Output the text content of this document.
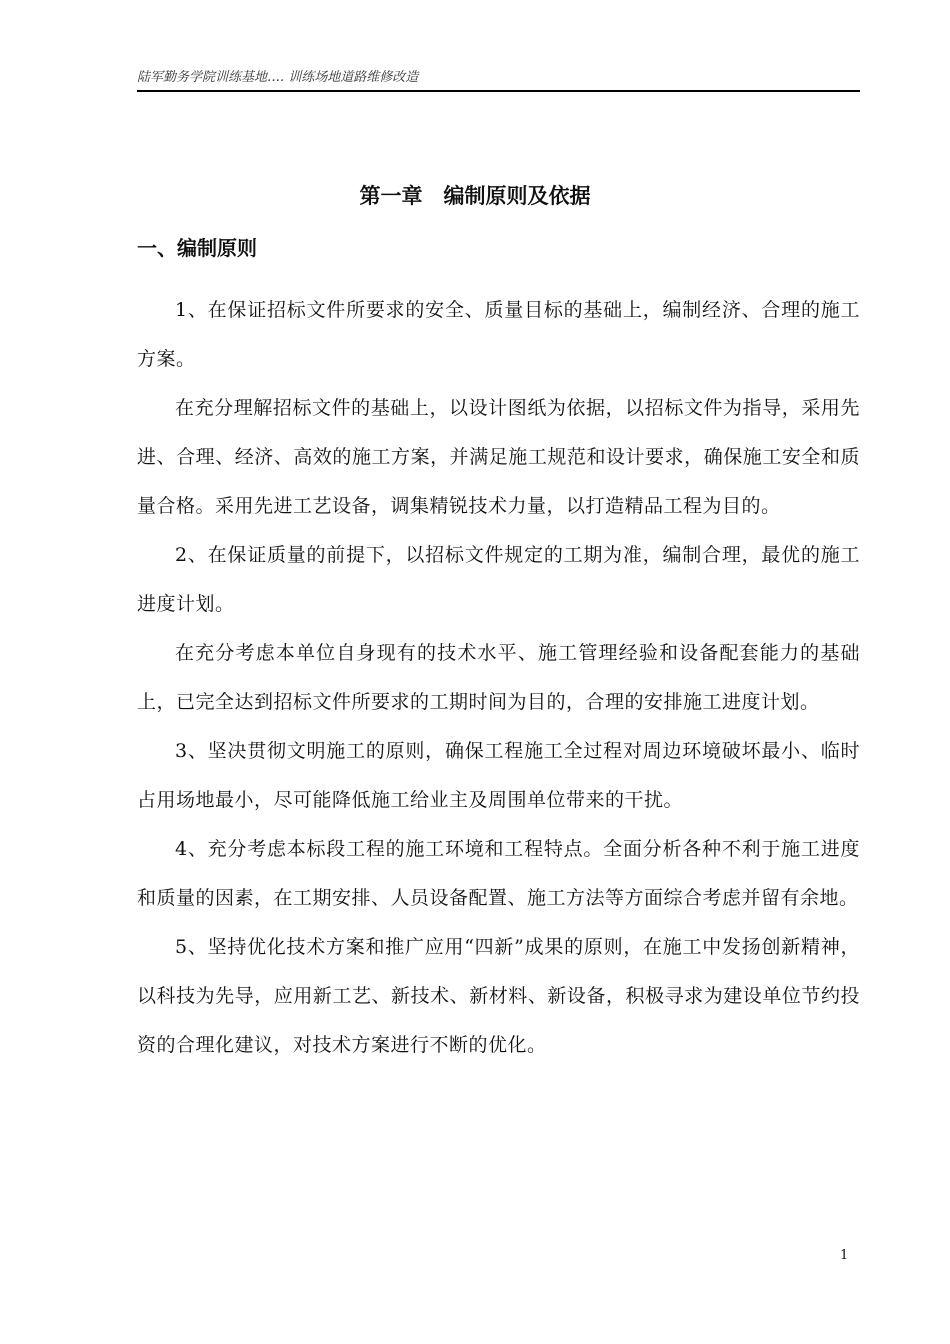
陆军勤务学院训练基地…. 训练场地道路维修改造
第一章　编制原则及依据
一、编制原则

1、在保证招标文件所要求的安全、质量目标的基础上，编制经济、合理的施工方案。

在充分理解招标文件的基础上，以设计图纸为依据，以招标文件为指导，采用先进、合理、经济、高效的施工方案，并满足施工规范和设计要求，确保施工安全和质量合格。采用先进工艺设备，调集精锐技术力量，以打造精品工程为目的。

2、在保证质量的前提下，以招标文件规定的工期为准，编制合理，最优的施工进度计划。

在充分考虑本单位自身现有的技术水平、施工管理经验和设备配套能力的基础上，已完全达到招标文件所要求的工期时间为目的，合理的安排施工进度计划。

3、坚决贯彻文明施工的原则，确保工程施工全过程对周边环境破坏最小、临时占用场地最小，尽可能降低施工给业主及周围单位带来的干扰。

4、充分考虑本标段工程的施工环境和工程特点。全面分析各种不利于施工进度和质量的因素，在工期安排、人员设备配置、施工方法等方面综合考虑并留有余地。

5、坚持优化技术方案和推广应用“四新”成果的原则，在施工中发扬创新精神，以科技为先导，应用新工艺、新技术、新材料、新设备，积极寻求为建设单位节约投资的合理化建议，对技术方案进行不断的优化。

1
